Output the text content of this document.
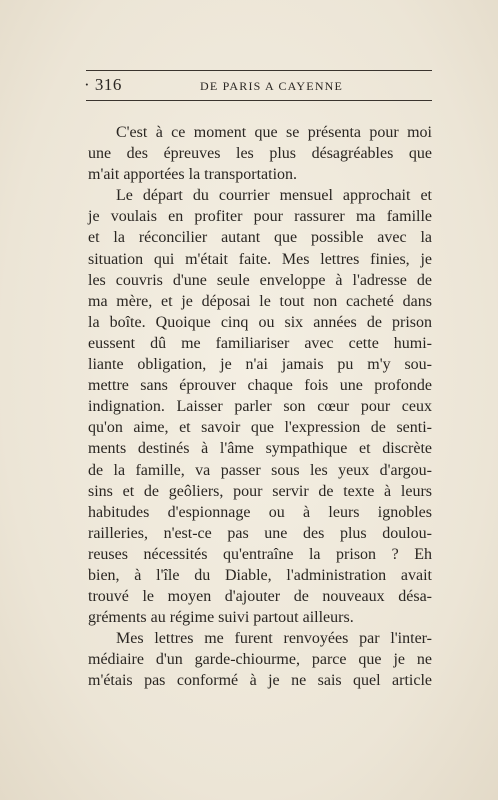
· 316	DE PARIS A CAYENNE
C'est à ce moment que se présenta pour moi
une des épreuves les plus désagréables que
m'ait apportées la transportation.
Le départ du courrier mensuel approchait et
je voulais en profiter pour rassurer ma famille
et la réconcilier autant que possible avec la
situation qui m'était faite. Mes lettres finies, je
les couvris d'une seule enveloppe à l'adresse de
ma mère, et je déposai le tout non cacheté dans
la boîte. Quoique cinq ou six années de prison
eussent dû me familiariser avec cette humi-
liante obligation, je n'ai jamais pu m'y sou-
mettre sans éprouver chaque fois une profonde
indignation. Laisser parler son cœur pour ceux
qu'on aime, et savoir que l'expression de senti-
ments destinés à l'âme sympathique et discrète
de la famille, va passer sous les yeux d'argou-
sins et de geôliers, pour servir de texte à leurs
habitudes d'espionnage ou à leurs ignobles
railleries, n'est-ce pas une des plus doulou-
reuses nécessités qu'entraîne la prison ? Eh
bien, à l'île du Diable, l'administration avait
trouvé le moyen d'ajouter de nouveaux désa-
gréments au régime suivi partout ailleurs.
Mes lettres me furent renvoyées par l'inter-
médiaire d'un garde-chiourme, parce que je ne
m'étais pas conformé à je ne sais quel article
